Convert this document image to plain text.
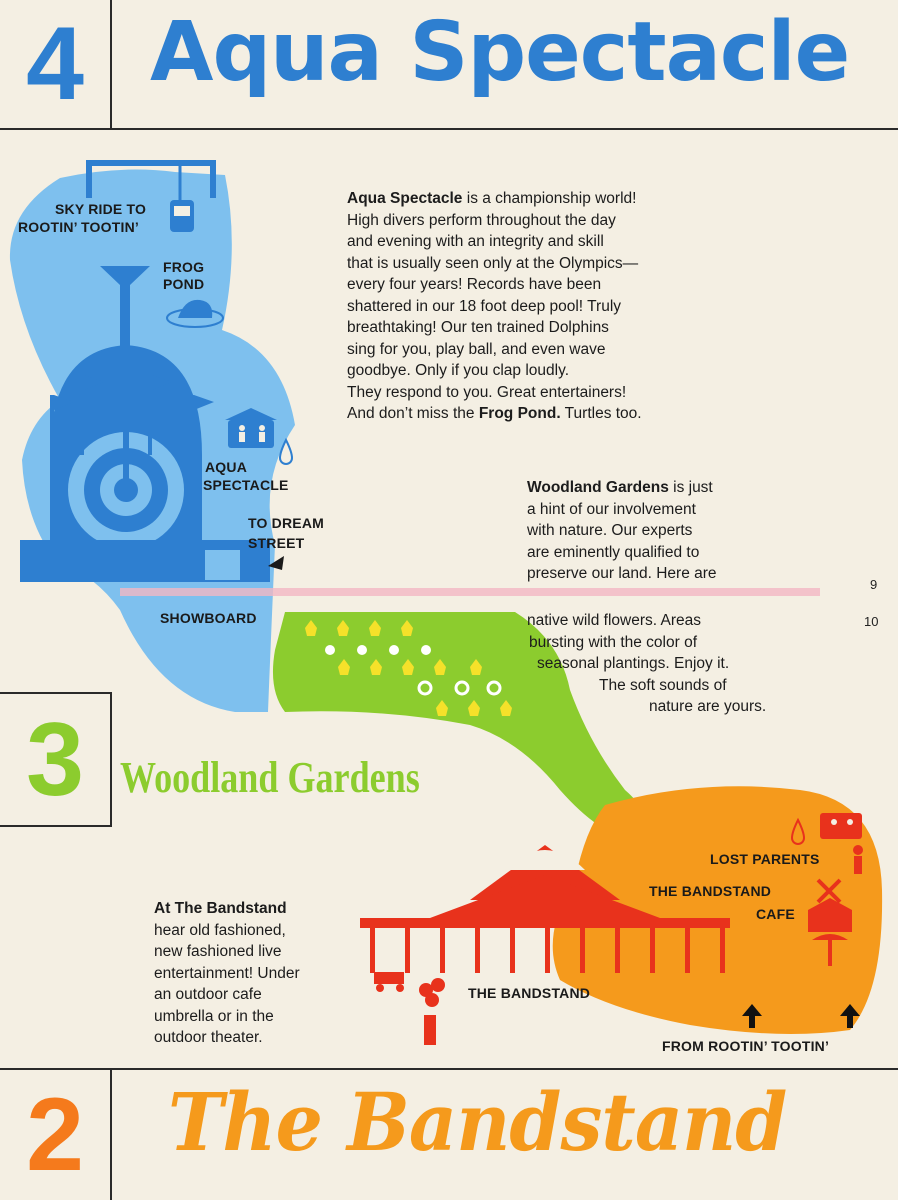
4 Aqua Spectacle
SKY RIDE TO
ROOTIN’ TOOTIN’
FROG
POND
AQUA
SPECTACLE
TO DREAM
STREET
SHOWBOARD
LOST PARENTS
THE BANDSTAND
CAFE
THE BANDSTAND
FROM ROOTIN’ TOOTIN’
Aqua Spectacle is a championship world!
High divers perform throughout the day
and evening with an integrity and skill
that is usually seen only at the Olympics—
every four years! Records have been
shattered in our 18 foot deep pool! Truly
breathtaking! Our ten trained Dolphins
sing for you, play ball, and even wave
goodbye. Only if you clap loudly.
They respond to you. Great entertainers!
And don’t miss the Frog Pond. Turtles too.
Woodland Gardens is just
a hint of our involvement
with nature. Our experts
are eminently qualified to
preserve our land. Here are
native wild flowers. Areas
bursting with the color of
seasonal plantings. Enjoy it.
The soft sounds of
nature are yours.
9
10
3 Woodland Gardens
At The Bandstand
hear old fashioned,
new fashioned live
entertainment! Under
an outdoor cafe
umbrella or in the
outdoor theater.
2 The Bandstand
